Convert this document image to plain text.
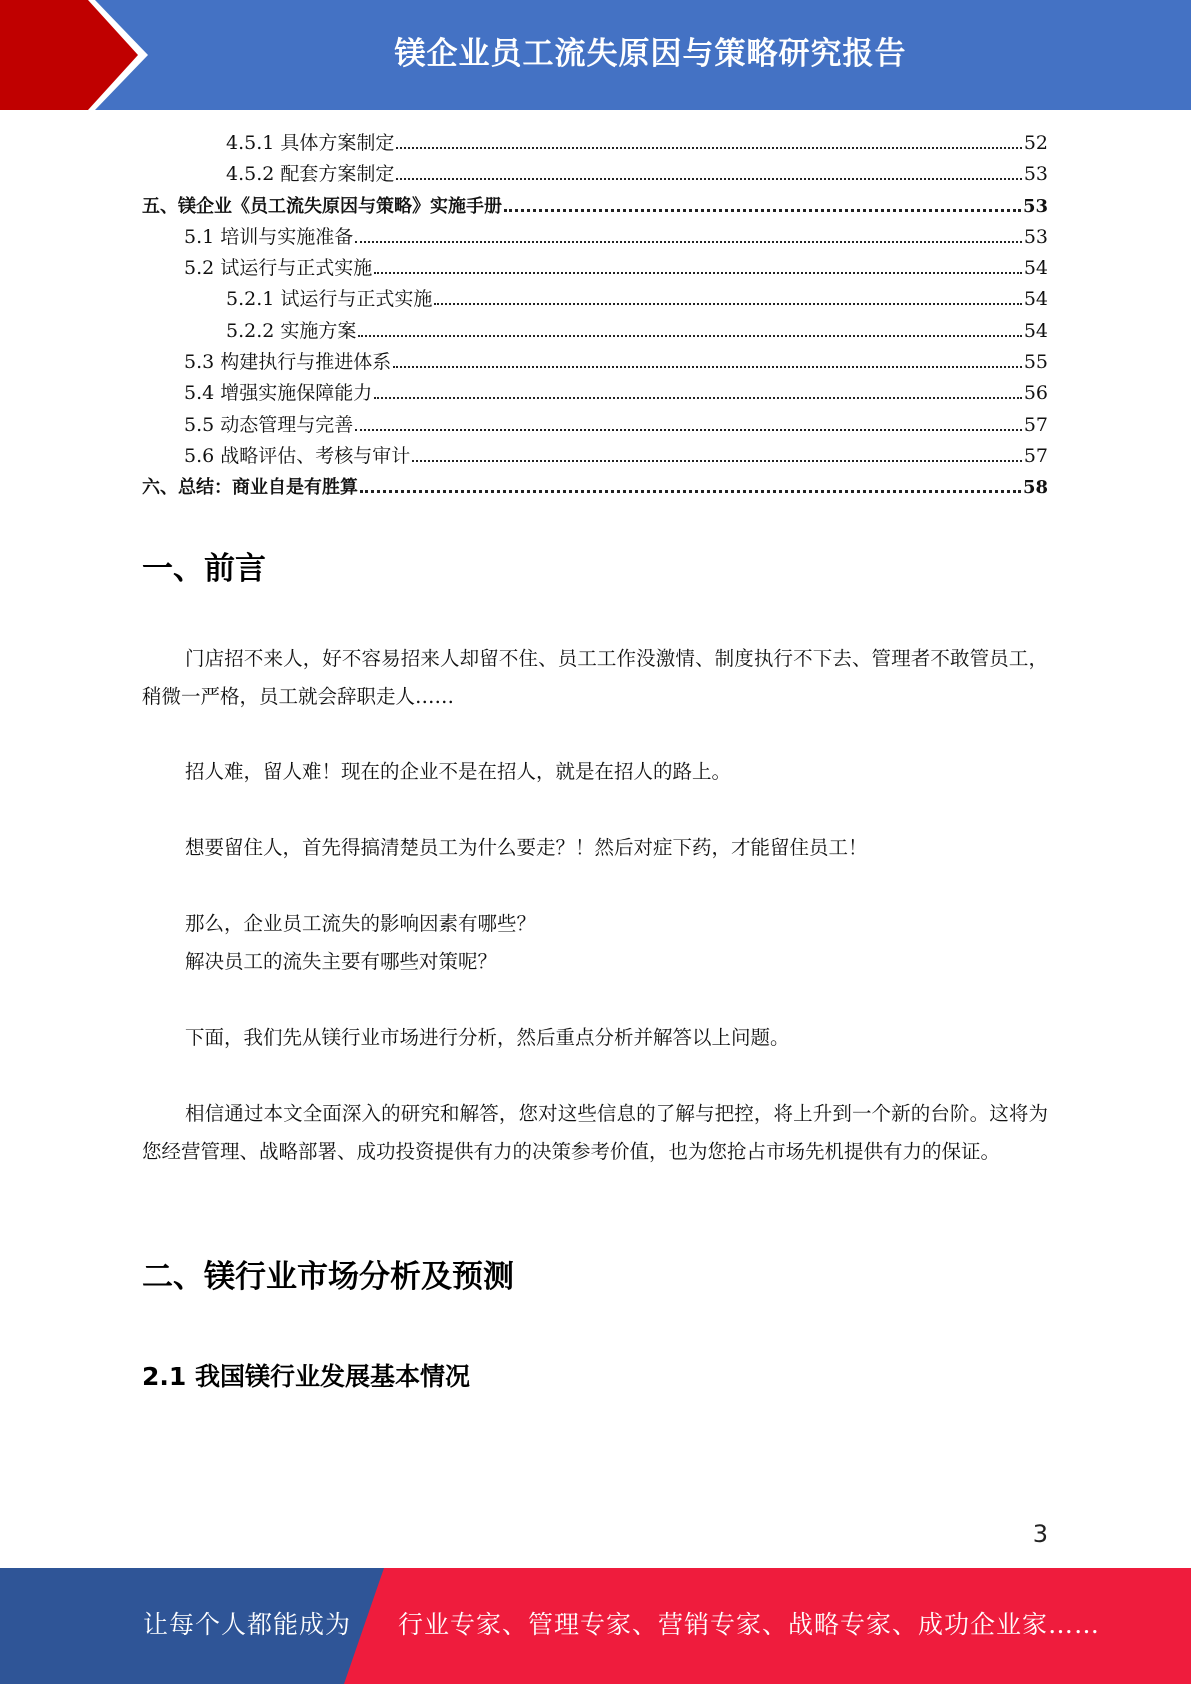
镁企业员工流失原因与策略研究报告
4.5.1 具体方案制定	52
4.5.2 配套方案制定	53
五、镁企业《员工流失原因与策略》实施手册	53
5.1 培训与实施准备	53
5.2 试运行与正式实施	54
5.2.1 试运行与正式实施	54
5.2.2 实施方案	54
5.3 构建执行与推进体系	55
5.4 增强实施保障能力	56
5.5 动态管理与完善	57
5.6 战略评估、考核与审计	57
六、总结：商业自是有胜算	58
一、前言
门店招不来人，好不容易招来人却留不住、员工工作没激情、制度执行不下去、管理者不敢管员工，稍微一严格，员工就会辞职走人……
招人难，留人难！现在的企业不是在招人，就是在招人的路上。
想要留住人，首先得搞清楚员工为什么要走？！然后对症下药，才能留住员工！
那么，企业员工流失的影响因素有哪些？
解决员工的流失主要有哪些对策呢？
下面，我们先从镁行业市场进行分析，然后重点分析并解答以上问题。
相信通过本文全面深入的研究和解答，您对这些信息的了解与把控，将上升到一个新的台阶。这将为您经营管理、战略部署、成功投资提供有力的决策参考价值，也为您抢占市场先机提供有力的保证。
二、镁行业市场分析及预测
2.1 我国镁行业发展基本情况
3
让每个人都能成为 行业专家、管理专家、营销专家、战略专家、成功企业家……
